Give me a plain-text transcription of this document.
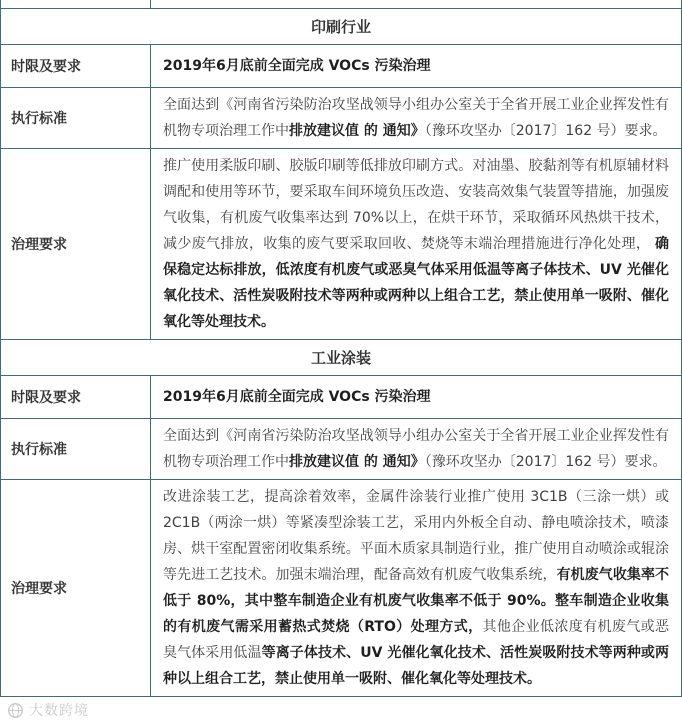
印刷行业	
时限及要求	2019年6月底前全面完成 VOCs 污染治理
执行标准	全面达到《河南省污染防治攻坚战领导小组办公室关于全省开展工业企业挥发性有机物专项治理工作中排放建议值 的 通知》（豫环攻坚办〔2017〕162 号）要求。
治理要求	推广使用柔版印刷、胶版印刷等低排放印刷方式。对油墨、胶黏剂等有机原辅材料调配和使用等环节，要采取车间环境负压改造、安装高效集气装置等措施，加强废气收集，有机废气收集率达到 70%以上，在烘干环节，采取循环风热烘干技术，减少废气排放，收集的废气要采取回收、焚烧等末端治理措施进行净化处理， 确保稳定达标排放，低浓度有机废气或恶臭气体采用低温等离子体技术、UV 光催化氧化技术、活性炭吸附技术等两种或两种以上组合工艺，禁止使用单一吸附、催化氧化等处理技术。
工业涂装	
时限及要求	2019年6月底前全面完成 VOCs 污染治理
执行标准	全面达到《河南省污染防治攻坚战领导小组办公室关于全省开展工业企业挥发性有机物专项治理工作中排放建议值 的 通知》（豫环攻坚办〔2017〕162 号）要求。
治理要求	改进涂装工艺，提高涂着效率，金属件涂装行业推广使用 3C1B（三涂一烘）或 2C1B（两涂一烘）等紧凑型涂装工艺，采用内外板全自动、静电喷涂技术，喷漆房、烘干室配置密闭收集系统。平面木质家具制造行业，推广使用自动喷涂或辊涂等先进工艺技术。加强末端治理，配备高效有机废气收集系统，有机废气收集率不低于 80%，其中整车制造企业有机废气收集率不低于 90%。整车制造企业收集的有机废气需采用蓄热式焚烧（RTO）处理方式，其他企业低浓度有机废气或恶臭气体采用低温等离子体技术、UV 光催化氧化技术、活性炭吸附技术等两种或两种以上组合工艺，禁止使用单一吸附、催化氧化等处理技术。
大数跨境
